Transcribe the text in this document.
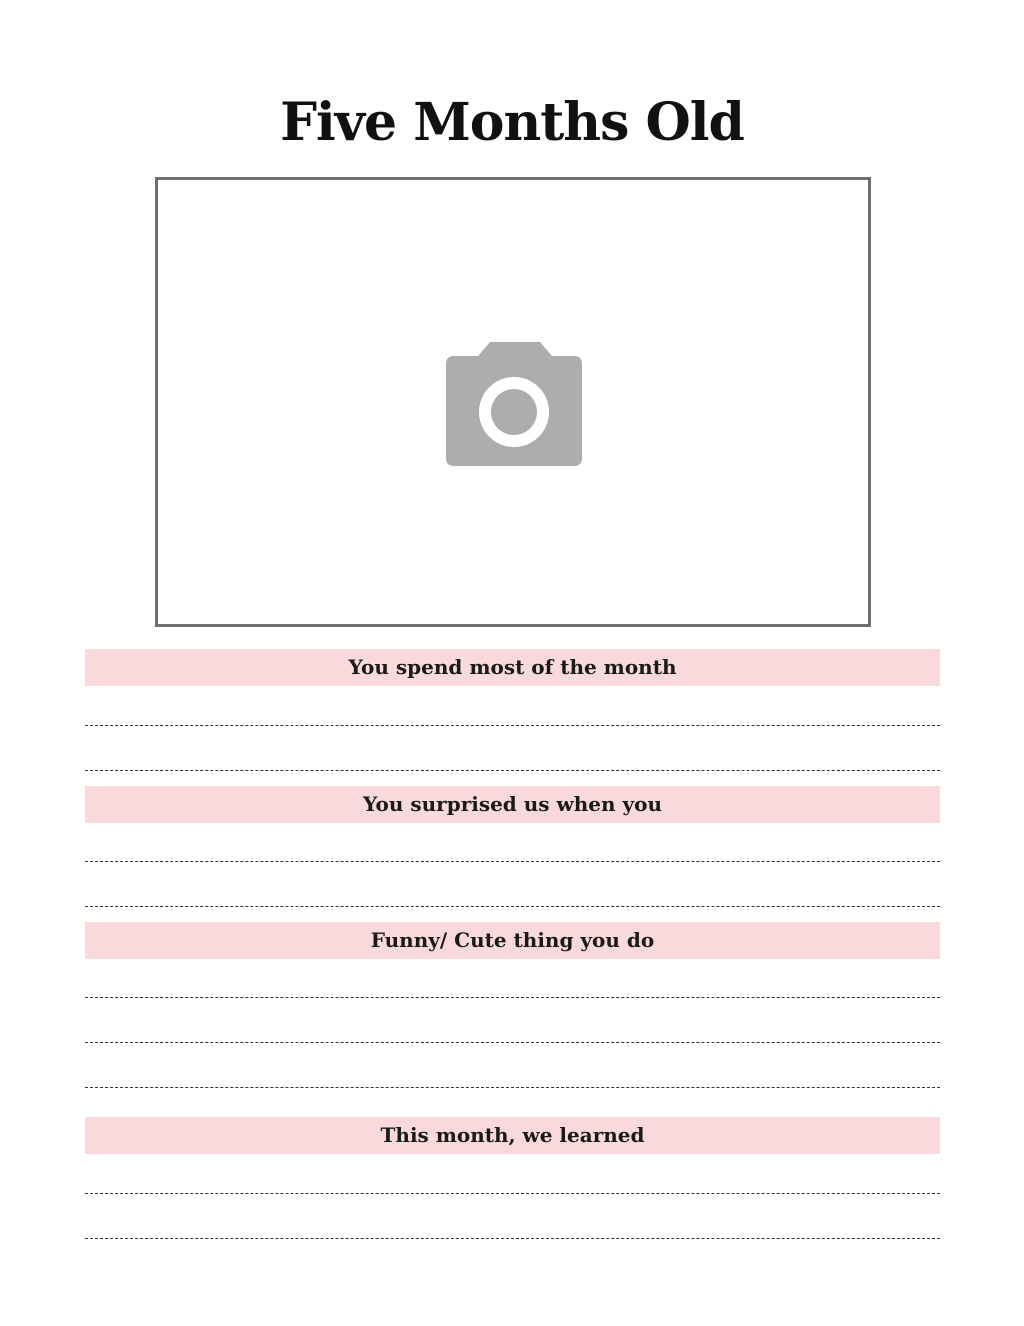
Five Months Old
You spend most of the month
You surprised us when you
Funny/ Cute thing you do
This month, we learned
